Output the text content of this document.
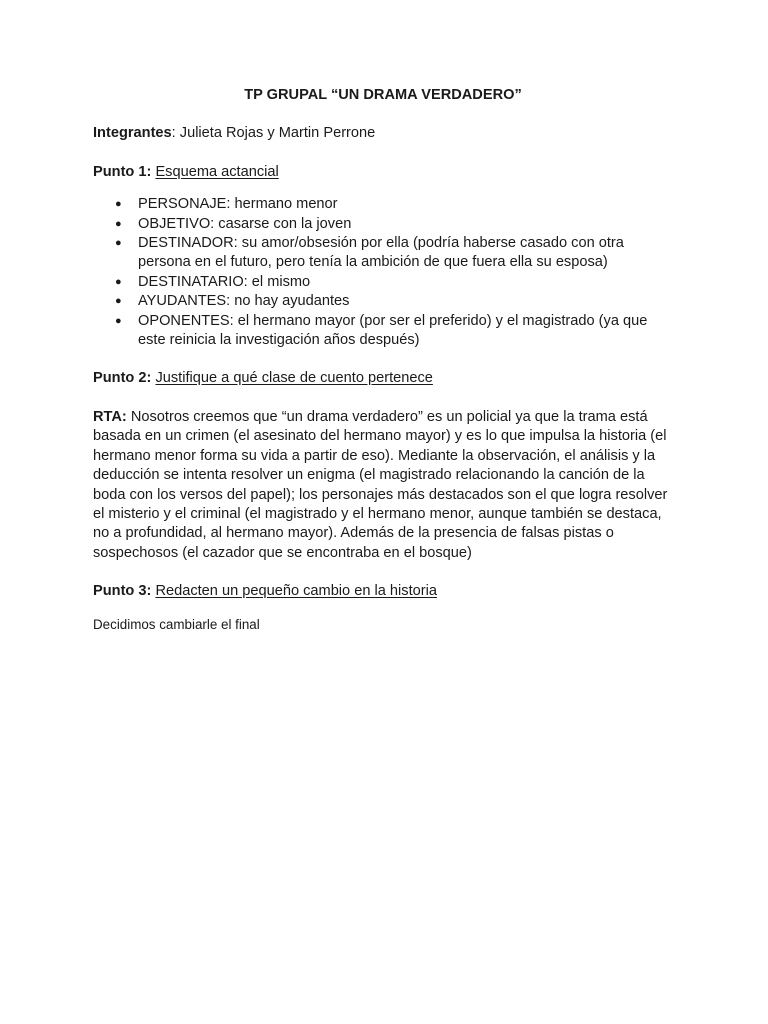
TP GRUPAL “UN DRAMA VERDADERO”
Integrantes: Julieta Rojas y Martin Perrone
Punto 1: Esquema actancial
● PERSONAJE: hermano menor
● OBJETIVO: casarse con la joven
● DESTINADOR: su amor/obsesión por ella (podría haberse casado con otra persona en el futuro, pero tenía la ambición de que fuera ella su esposa)
● DESTINATARIO: el mismo
● AYUDANTES: no hay ayudantes
● OPONENTES: el hermano mayor (por ser el preferido) y el magistrado (ya que este reinicia la investigación años después)
Punto 2: Justifique a qué clase de cuento pertenece
RTA: Nosotros creemos que “un drama verdadero” es un policial ya que la trama está basada en un crimen (el asesinato del hermano mayor) y es lo que impulsa la historia (el hermano menor forma su vida a partir de eso). Mediante la observación, el análisis y la deducción se intenta resolver un enigma (el magistrado relacionando la canción de la boda con los versos del papel); los personajes más destacados son el que logra resolver el misterio y el criminal (el magistrado y el hermano menor, aunque también se destaca, no a profundidad, al hermano mayor). Además de la presencia de falsas pistas o sospechosos (el cazador que se encontraba en el bosque)
Punto 3: Redacten un pequeño cambio en la historia
Decidimos cambiarle el final
